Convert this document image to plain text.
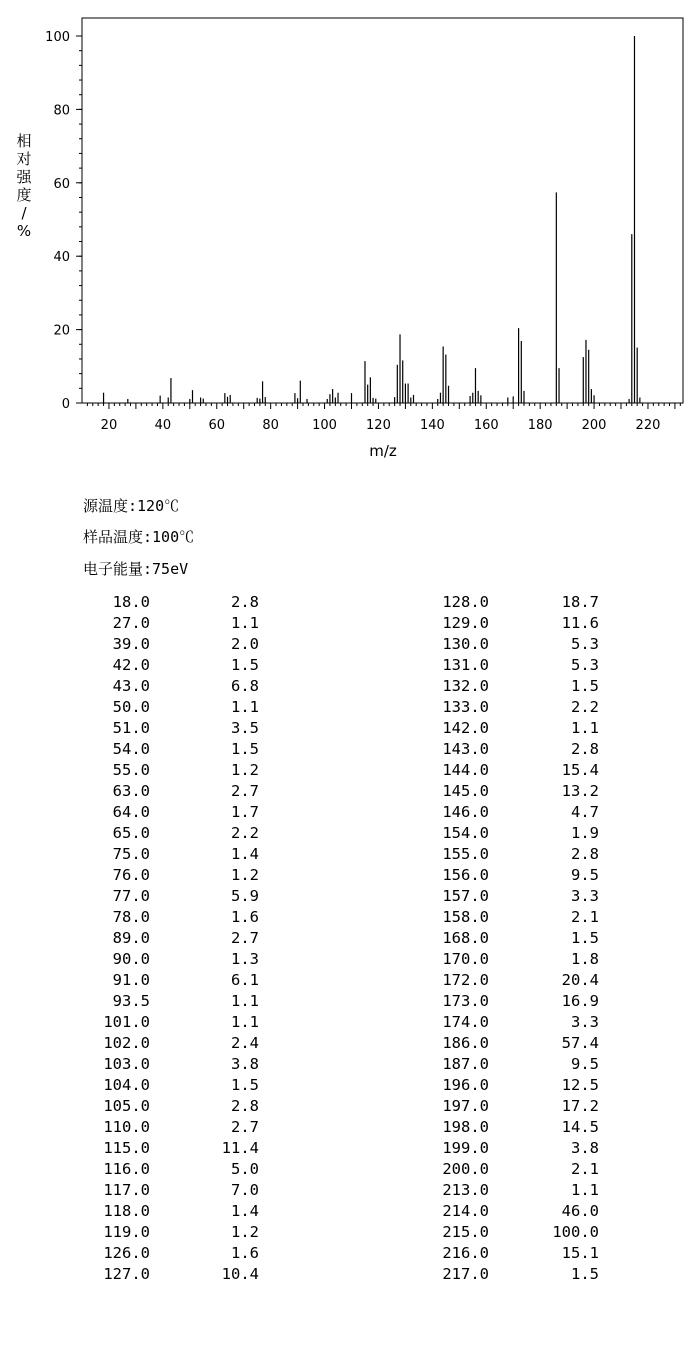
20	40	60	80	100 120 140 160 180 200 220
0
20
40
60
80
100
m/z
相对强度/ %
源温度:120℃
样品温度:100℃
电子能量:75eV
18.0	2.8
27.0	1.1
39.0	2.0
42.0	1.5
43.0	6.8
50.0	1.1
51.0	3.5
54.0	1.5
55.0	1.2
63.0	2.7
64.0	1.7
65.0	2.2
75.0	1.4
76.0	1.2
77.0	5.9
78.0	1.6
89.0	2.7
90.0	1.3
91.0	6.1
93.5	1.1
101.0	1.1
102.0	2.4
103.0	3.8
104.0	1.5
105.0	2.8
110.0	2.7
115.0	11.4
116.0	5.0
117.0	7.0
118.0	1.4
119.0	1.2
126.0	1.6
127.0	10.4
128.0	18.7
129.0	11.6
130.0	5.3
131.0	5.3
132.0	1.5
133.0	2.2
142.0	1.1
143.0	2.8
144.0	15.4
145.0	13.2
146.0	4.7
154.0	1.9
155.0	2.8
156.0	9.5
157.0	3.3
158.0	2.1
168.0	1.5
170.0	1.8
172.0	20.4
173.0	16.9
174.0	3.3
186.0	57.4
187.0	9.5
196.0	12.5
197.0	17.2
198.0	14.5
199.0	3.8
200.0	2.1
213.0	1.1
214.0	46.0
215.0	100.0
216.0	15.1
217.0	1.5
